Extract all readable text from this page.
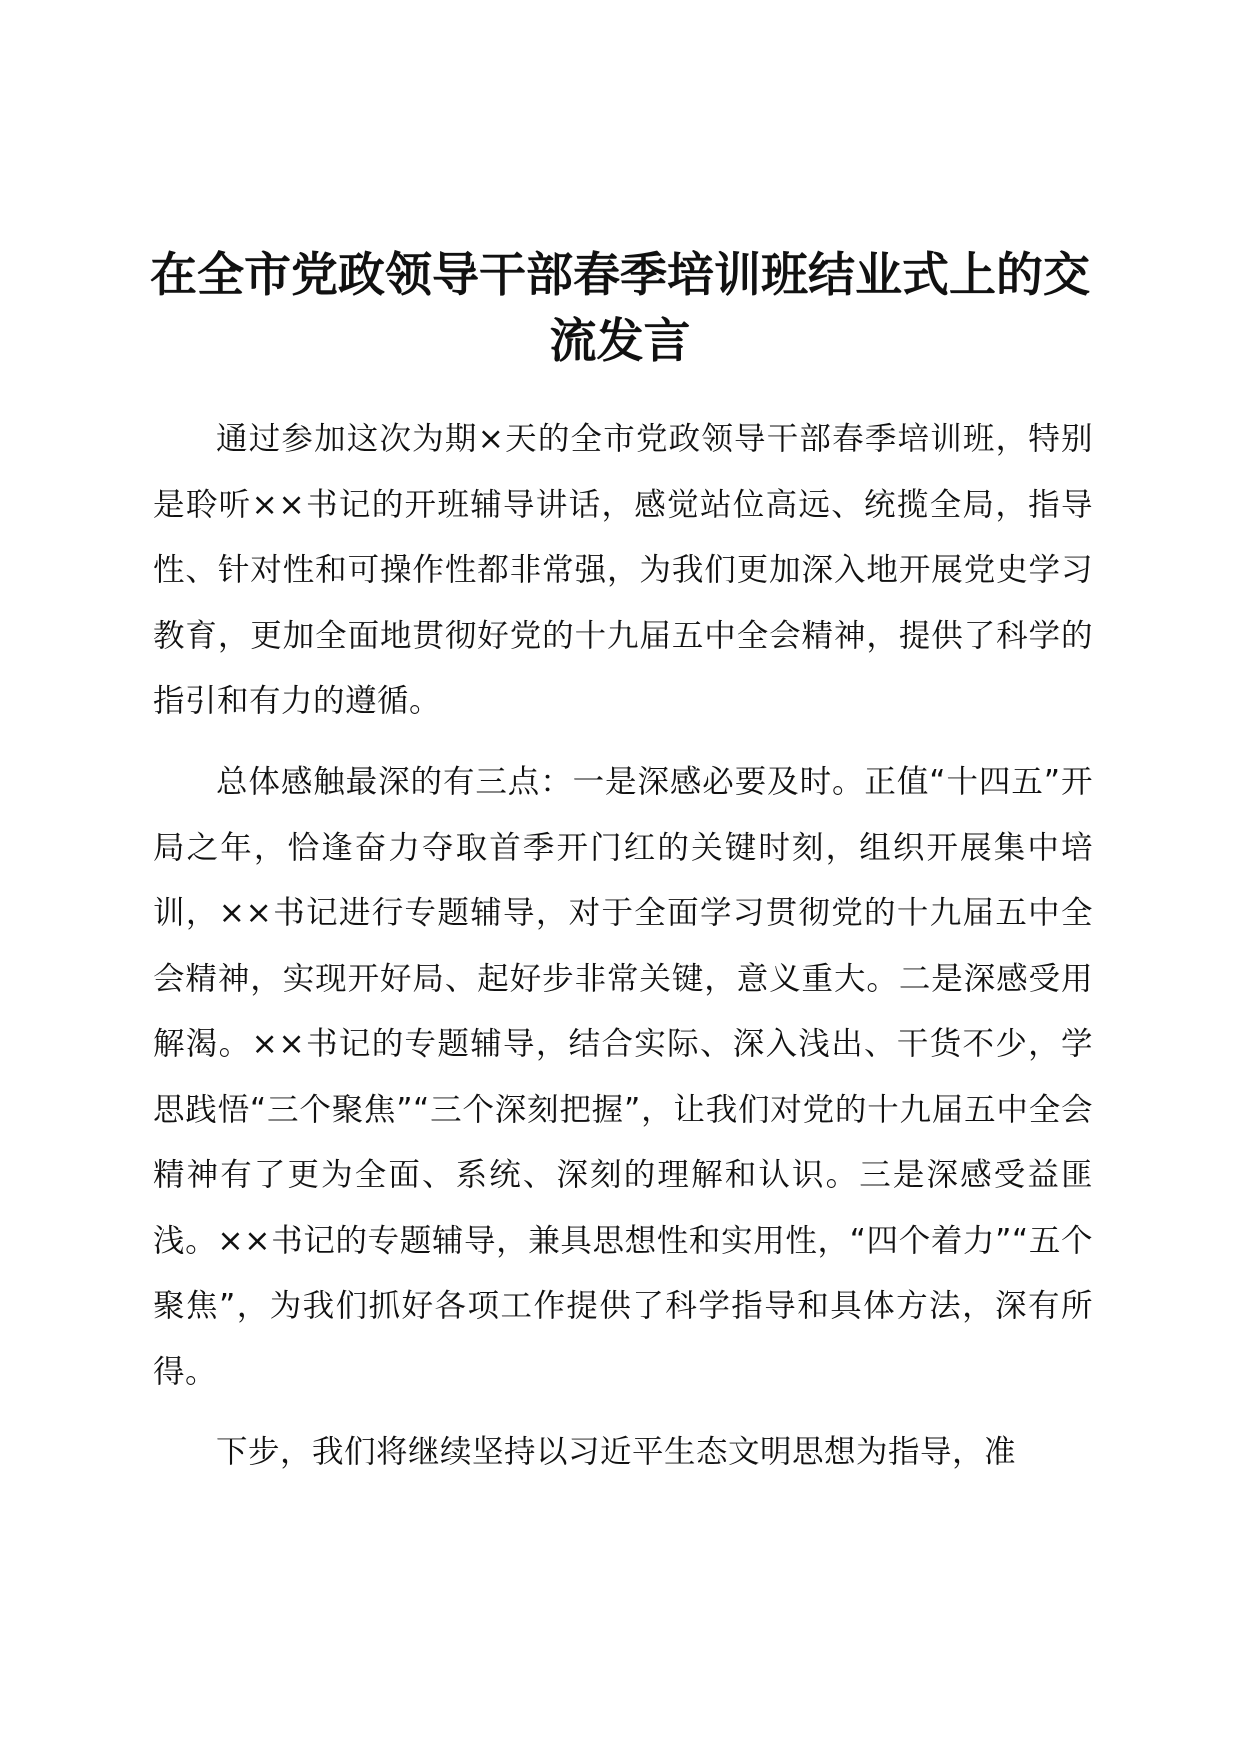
在全市党政领导干部春季培训班结业式上的交
流发言

通过参加这次为期×天的全市党政领导干部春季培训班，特别是聆听××书记的开班辅导讲话，感觉站位高远、统揽全局，指导性、针对性和可操作性都非常强，为我们更加深入地开展党史学习教育，更加全面地贯彻好党的十九届五中全会精神，提供了科学的指引和有力的遵循。

总体感触最深的有三点：一是深感必要及时。正值“十四五”开局之年，恰逢奋力夺取首季开门红的关键时刻，组织开展集中培训，××书记进行专题辅导，对于全面学习贯彻党的十九届五中全会精神，实现开好局、起好步非常关键，意义重大。二是深感受用解渴。××书记的专题辅导，结合实际、深入浅出、干货不少，学思践悟“三个聚焦”“三个深刻把握”，让我们对党的十九届五中全会精神有了更为全面、系统、深刻的理解和认识。三是深感受益匪浅。××书记的专题辅导，兼具思想性和实用性，“四个着力”“五个聚焦”，为我们抓好各项工作提供了科学指导和具体方法，深有所得。

下步，我们将继续坚持以习近平生态文明思想为指导，准
